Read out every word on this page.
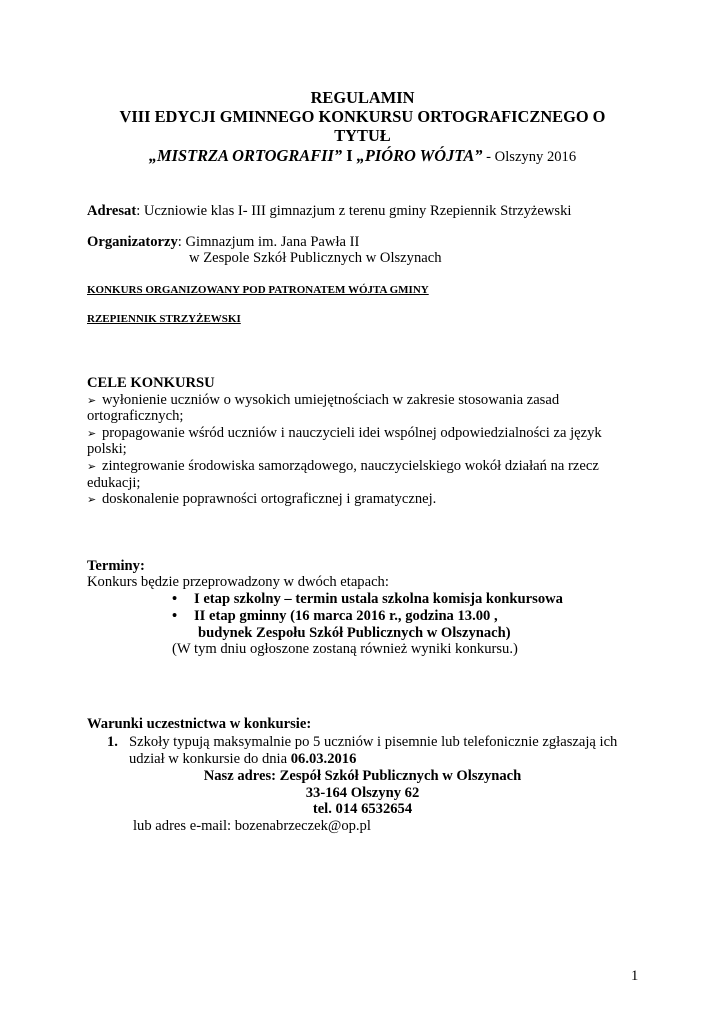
REGULAMIN
VIII EDYCJI GMINNEGO KONKURSU ORTOGRAFICZNEGO O
TYTUŁ
„MISTRZA ORTOGRAFII” I „PIÓRO WÓJTA” - Olszyny 2016
Adresat: Uczniowie klas I- III gimnazjum z terenu gminy Rzepiennik Strzyżewski
Organizatorzy: Gimnazjum im. Jana Pawła II
w Zespole Szkół Publicznych w Olszynach
KONKURS ORGANIZOWANY POD PATRONATEM WÓJTA GMINY
RZEPIENNIK STRZYŻEWSKI
CELE KONKURSU
➢ wyłonienie uczniów o wysokich umiejętnościach w zakresie stosowania zasad
ortograficznych;
➢ propagowanie wśród uczniów i nauczycieli idei wspólnej odpowiedzialności za język
polski;
➢ zintegrowanie środowiska samorządowego, nauczycielskiego wokół działań na rzecz
edukacji;
➢ doskonalenie poprawności ortograficznej i gramatycznej.
Terminy:
Konkurs będzie przeprowadzony w dwóch etapach:
• I etap szkolny – termin ustala szkolna komisja konkursowa
• II etap gminny (16 marca 2016 r., godzina 13.00 ,
budynek Zespołu Szkół Publicznych w Olszynach)
(W tym dniu ogłoszone zostaną również wyniki konkursu.)
Warunki uczestnictwa w konkursie:
1. Szkoły typują maksymalnie po 5 uczniów i pisemnie lub telefonicznie zgłaszają ich
udział w konkursie do dnia 06.03.2016
Nasz adres: Zespół Szkół Publicznych w Olszynach
33-164 Olszyny 62
tel. 014 6532654
lub adres e-mail: bozenabrzeczek@op.pl
1
